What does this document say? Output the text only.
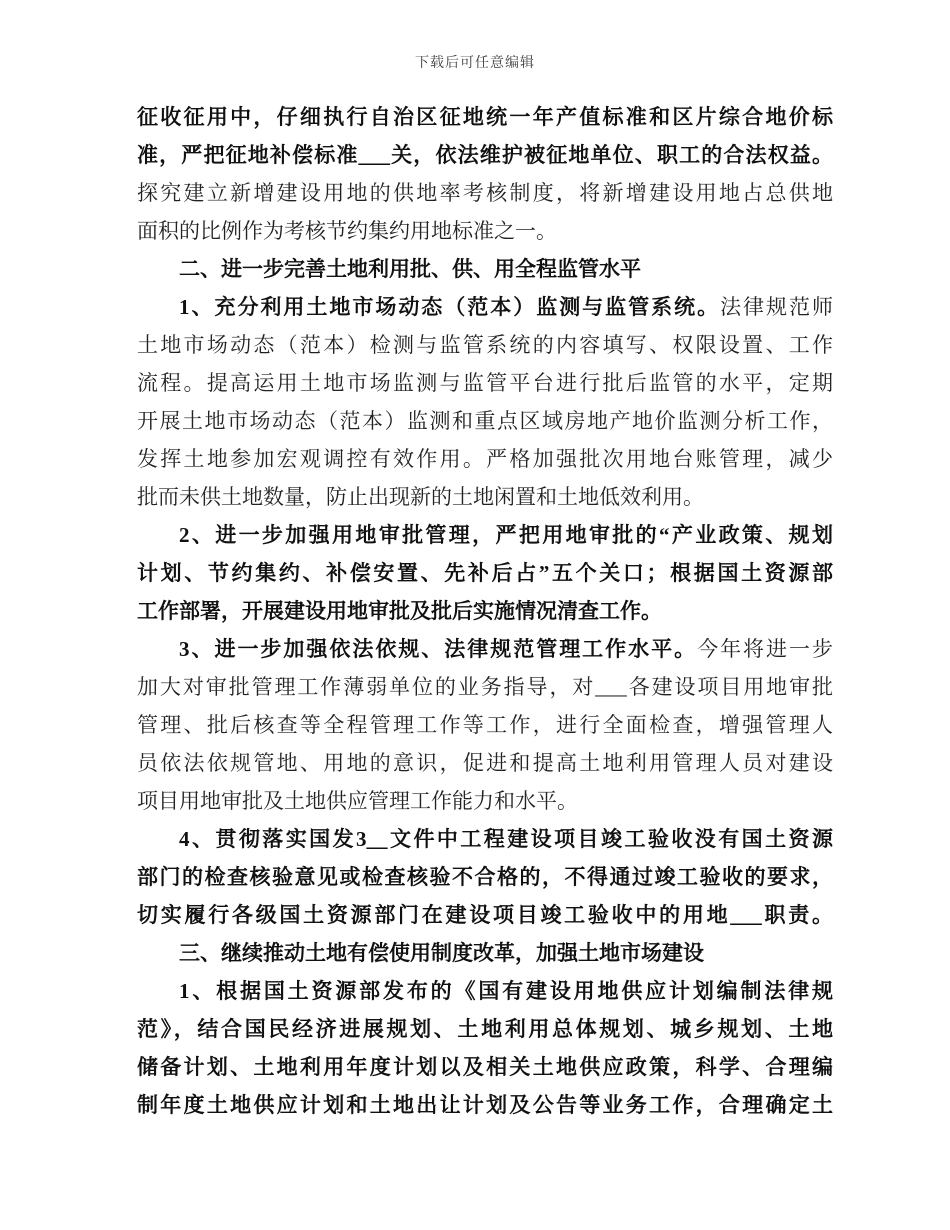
下载后可任意编辑
征收征用中，仔细执行自治区征地统一年产值标准和区片综合地价标
准，严把征地补偿标准___关，依法维护被征地单位、职工的合法权益。
探究建立新增建设用地的供地率考核制度，将新增建设用地占总供地
面积的比例作为考核节约集约用地标准之一。
二、进一步完善土地利用批、供、用全程监管水平
1、充分利用土地市场动态（范本）监测与监管系统。法律规范师
土地市场动态（范本）检测与监管系统的内容填写、权限设置、工作
流程。提高运用土地市场监测与监管平台进行批后监管的水平，定期
开展土地市场动态（范本）监测和重点区域房地产地价监测分析工作，
发挥土地参加宏观调控有效作用。严格加强批次用地台账管理，减少
批而未供土地数量，防止出现新的土地闲置和土地低效利用。
2、进一步加强用地审批管理，严把用地审批的“产业政策、规划
计划、节约集约、补偿安置、先补后占”五个关口；根据国土资源部
工作部署，开展建设用地审批及批后实施情况清查工作。
3、进一步加强依法依规、法律规范管理工作水平。今年将进一步
加大对审批管理工作薄弱单位的业务指导，对___各建设项目用地审批
管理、批后核查等全程管理工作等工作，进行全面检查，增强管理人
员依法依规管地、用地的意识，促进和提高土地利用管理人员对建设
项目用地审批及土地供应管理工作能力和水平。
4、贯彻落实国发3__文件中工程建设项目竣工验收没有国土资源
部门的检查核验意见或检查核验不合格的，不得通过竣工验收的要求，
切实履行各级国土资源部门在建设项目竣工验收中的用地___职责。
三、继续推动土地有偿使用制度改革，加强土地市场建设
1、根据国土资源部发布的《国有建设用地供应计划编制法律规
范》，结合国民经济进展规划、土地利用总体规划、城乡规划、土地
储备计划、土地利用年度计划以及相关土地供应政策，科学、合理编
制年度土地供应计划和土地出让计划及公告等业务工作，合理确定土
